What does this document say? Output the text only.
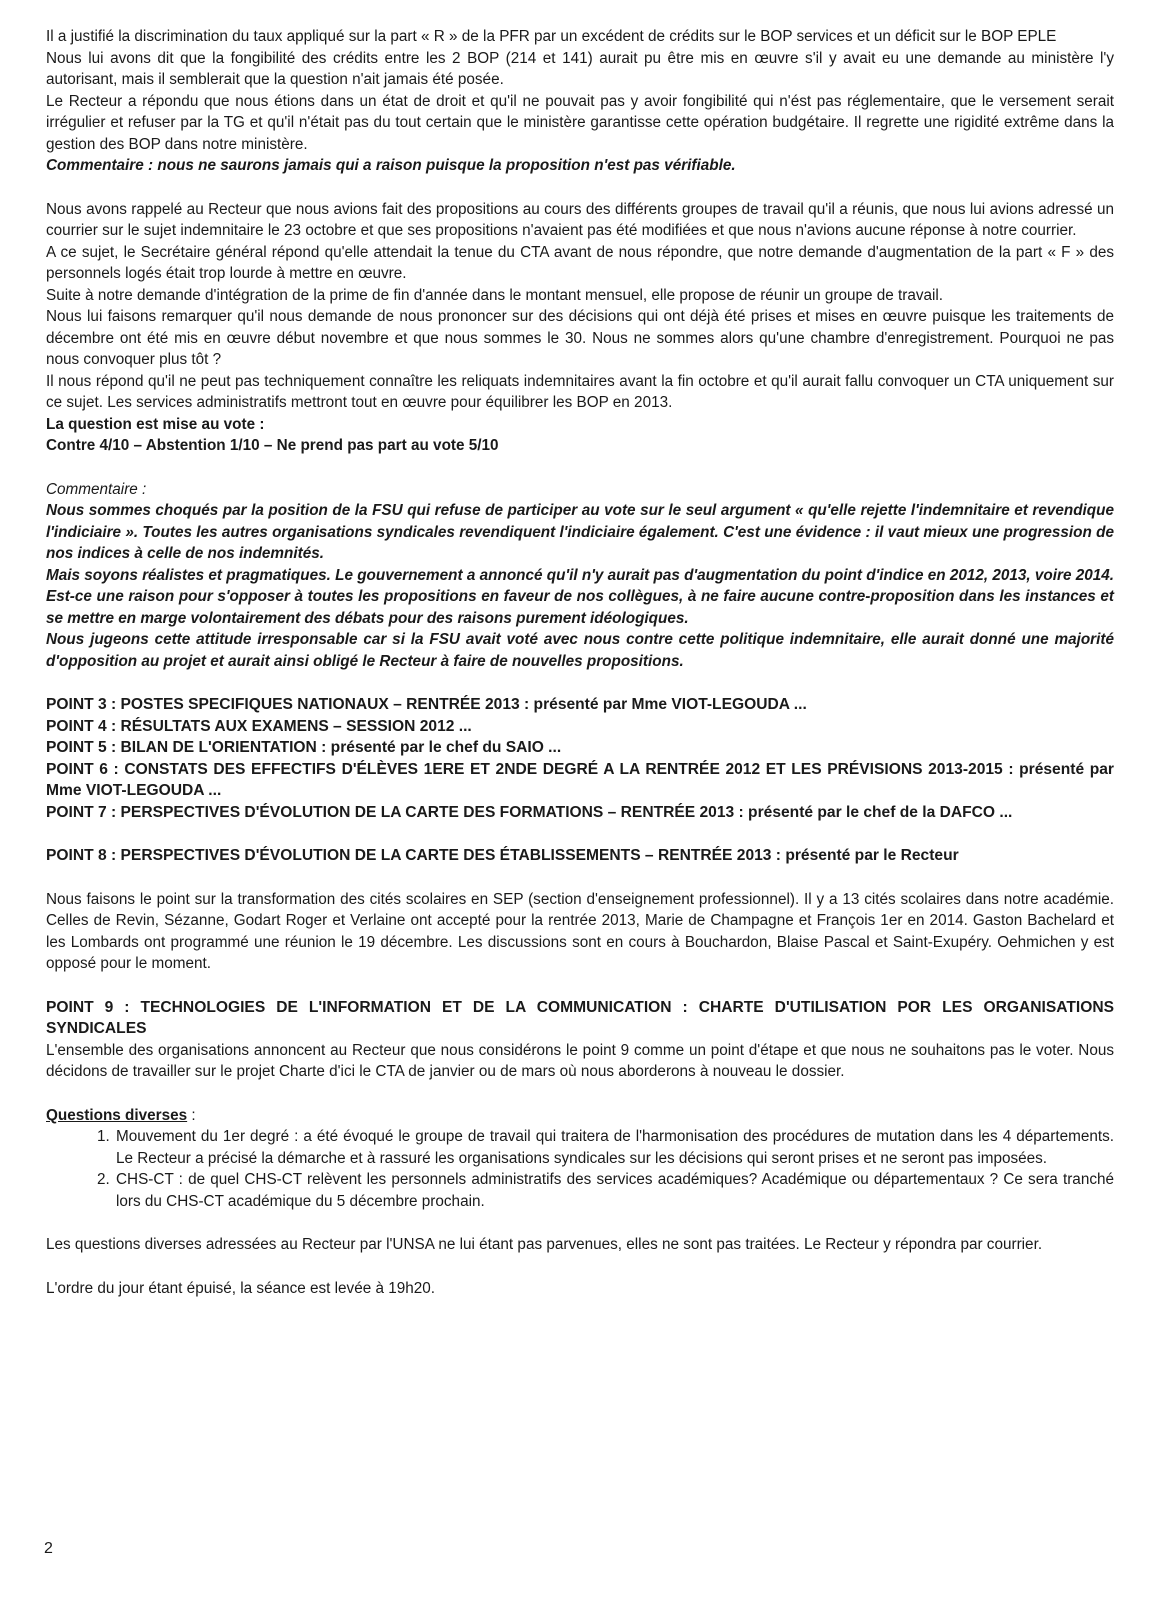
Il a justifié la discrimination du taux appliqué sur la part « R » de la PFR par un excédent de crédits sur le BOP services et un déficit sur le BOP EPLE

Nous lui avons dit que la fongibilité des crédits entre les 2 BOP (214 et 141) aurait pu être mis en œuvre s'il y avait eu une demande au ministère l'y autorisant, mais il semblerait que la question n'ait jamais été posée.

Le Recteur a répondu que nous étions dans un état de droit et qu'il ne pouvait pas y avoir fongibilité qui n'ést pas réglementaire, que le versement serait irrégulier et refuser par la TG et qu'il n'était pas du tout certain que le ministère garantisse cette opération budgétaire. Il regrette une rigidité extrême dans la gestion des BOP dans notre ministère.

Commentaire : nous ne saurons jamais qui a raison puisque la proposition n'est pas vérifiable.

Nous avons rappelé au Recteur que nous avions fait des propositions au cours des différents groupes de travail qu'il a réunis, que nous lui avions adressé un courrier sur le sujet indemnitaire le 23 octobre et que ses propositions n'avaient pas été modifiées et que nous n'avions aucune réponse à notre courrier.

A ce sujet, le Secrétaire général répond qu'elle attendait la tenue du CTA avant de nous répondre, que notre demande d'augmentation de la part « F » des personnels logés était trop lourde à mettre en œuvre.

Suite à notre demande d'intégration de la prime de fin d'année dans le montant mensuel, elle propose de réunir un groupe de travail.

Nous lui faisons remarquer qu'il nous demande de nous prononcer sur des décisions qui ont déjà été prises et mises en œuvre puisque les traitements de décembre ont été mis en œuvre début novembre et que nous sommes le 30. Nous ne sommes alors qu'une chambre d'enregistrement. Pourquoi ne pas nous convoquer plus tôt ?

Il nous répond qu'il ne peut pas techniquement connaître les reliquats indemnitaires avant la fin octobre et qu'il aurait fallu convoquer un CTA uniquement sur ce sujet. Les services administratifs mettront tout en œuvre pour équilibrer les BOP en 2013.

La question est mise au vote :

Contre 4/10 – Abstention 1/10 – Ne prend pas part au vote 5/10

Commentaire :

Nous sommes choqués par la position de la FSU qui refuse de participer au vote sur le seul argument « qu'elle rejette l'indemnitaire et revendique l'indiciaire ». Toutes les autres organisations syndicales revendiquent l'indiciaire également. C'est une évidence : il vaut mieux une progression de nos indices à celle de nos indemnités.

Mais soyons réalistes et pragmatiques. Le gouvernement a annoncé qu'il n'y aurait pas d'augmentation du point d'indice en 2012, 2013, voire 2014. Est-ce une raison pour s'opposer à toutes les propositions en faveur de nos collègues, à ne faire aucune contre-proposition dans les instances et se mettre en marge volontairement des débats pour des raisons purement idéologiques.

Nous jugeons cette attitude irresponsable car si la FSU avait voté avec nous contre cette politique indemnitaire, elle aurait donné une majorité d'opposition au projet et aurait ainsi obligé le Recteur à faire de nouvelles propositions.

POINT 3 : POSTES SPECIFIQUES NATIONAUX – RENTRÉE 2013 : présenté par Mme VIOT-LEGOUDA ...

POINT 4 : RÉSULTATS AUX EXAMENS – SESSION 2012 ...

POINT 5 : BILAN DE L'ORIENTATION : présenté par le chef du SAIO ...

POINT 6 : CONSTATS DES EFFECTIFS D'ÉLÈVES 1ERE ET 2NDE DEGRÉ A LA RENTRÉE 2012 ET LES PRÉVISIONS 2013-2015 : présenté par Mme VIOT-LEGOUDA ...

POINT 7 : PERSPECTIVES D'ÉVOLUTION DE LA CARTE DES FORMATIONS – RENTRÉE 2013 : présenté par le chef de la DAFCO ...

POINT 8 : PERSPECTIVES D'ÉVOLUTION DE LA CARTE DES ÉTABLISSEMENTS – RENTRÉE 2013 : présenté par le Recteur

Nous faisons le point sur la transformation des cités scolaires en SEP (section d'enseignement professionnel). Il y a 13 cités scolaires dans notre académie. Celles de Revin, Sézanne, Godart Roger et Verlaine ont accepté pour la rentrée 2013, Marie de Champagne et François 1er en 2014. Gaston Bachelard et les Lombards ont programmé une réunion le 19 décembre. Les discussions sont en cours à Bouchardon, Blaise Pascal et Saint-Exupéry. Oehmichen y est opposé pour le moment.

POINT 9 : TECHNOLOGIES DE L'INFORMATION ET DE LA COMMUNICATION : CHARTE D'UTILISATION POR LES ORGANISATIONS SYNDICALES

L'ensemble des organisations annoncent au Recteur que nous considérons le point 9 comme un point d'étape et que nous ne souhaitons pas le voter. Nous décidons de travailler sur le projet Charte d'ici le CTA de janvier ou de mars où nous aborderons à nouveau le dossier.

Questions diverses :

1. Mouvement du 1er degré : a été évoqué le groupe de travail qui traitera de l'harmonisation des procédures de mutation dans les 4 départements. Le Recteur a précisé la démarche et à rassuré les organisations syndicales sur les décisions qui seront prises et ne seront pas imposées.
2. CHS-CT : de quel CHS-CT relèvent les personnels administratifs des services académiques? Académique ou départementaux ? Ce sera tranché lors du CHS-CT académique du 5 décembre prochain.

Les questions diverses adressées au Recteur par l'UNSA ne lui étant pas parvenues, elles ne sont pas traitées. Le Recteur y répondra par courrier.

L'ordre du jour étant épuisé, la séance est levée à 19h20.

2
